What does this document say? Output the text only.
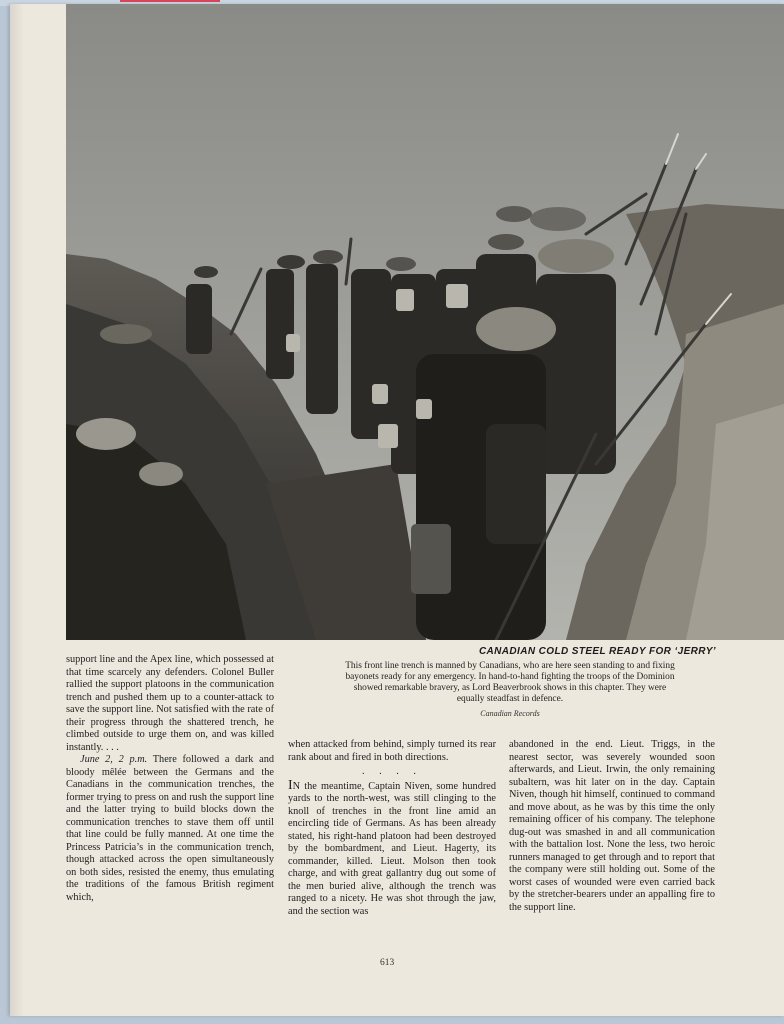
CANADIAN COLD STEEL READY FOR ‘JERRY’
This front line trench is manned by Canadians, who are here seen standing to and fixing
bayonets ready for any emergency. In hand-to-hand fighting the troops of the Dominion
showed remarkable bravery, as Lord Beaverbrook shows in this chapter. They were
equally steadfast in defence.
Canadian Records

support line and the Apex line, which possessed at that time scarcely any defenders. Colonel Buller rallied the support platoons in the communication trench and pushed them up to a counter-attack to save the support line. Not satisfied with the rate of their progress through the shattered trench, he climbed outside to urge them on, and was killed instantly. . . .

June 2, 2 p.m. There followed a dark and bloody mêlée between the Germans and the Canadians in the communication trenches, the former trying to press on and rush the support line and the latter trying to build blocks down the communication trenches to stave them off until that line could be fully manned. At one time the Princess Patricia’s in the communication trench, though attacked across the open simultaneously on both sides, resisted the enemy, thus emulating the traditions of the famous British regiment which,

when attacked from behind, simply turned its rear rank about and fired in both directions.

. . . .

IN the meantime, Captain Niven, some hundred yards to the north-west, was still clinging to the knoll of trenches in the front line amid an encircling tide of Germans. As has been already stated, his right-hand platoon had been destroyed by the bombardment, and Lieut. Hagerty, its commander, killed. Lieut. Molson then took charge, and with great gallantry dug out some of the men buried alive, although the trench was ranged to a nicety. He was shot through the jaw, and the section was

abandoned in the end. Lieut. Triggs, in the nearest sector, was severely wounded soon afterwards, and Lieut. Irwin, the only remaining subaltern, was hit later on in the day. Captain Niven, though hit himself, continued to command and move about, as he was by this time the only remaining officer of his company. The telephone dug-out was smashed in and all communication with the battalion lost. None the less, two heroic runners managed to get through and to report that the company were still holding out. Some of the worst cases of wounded were even carried back by the stretcher-bearers under an appalling fire to the support line.

613
